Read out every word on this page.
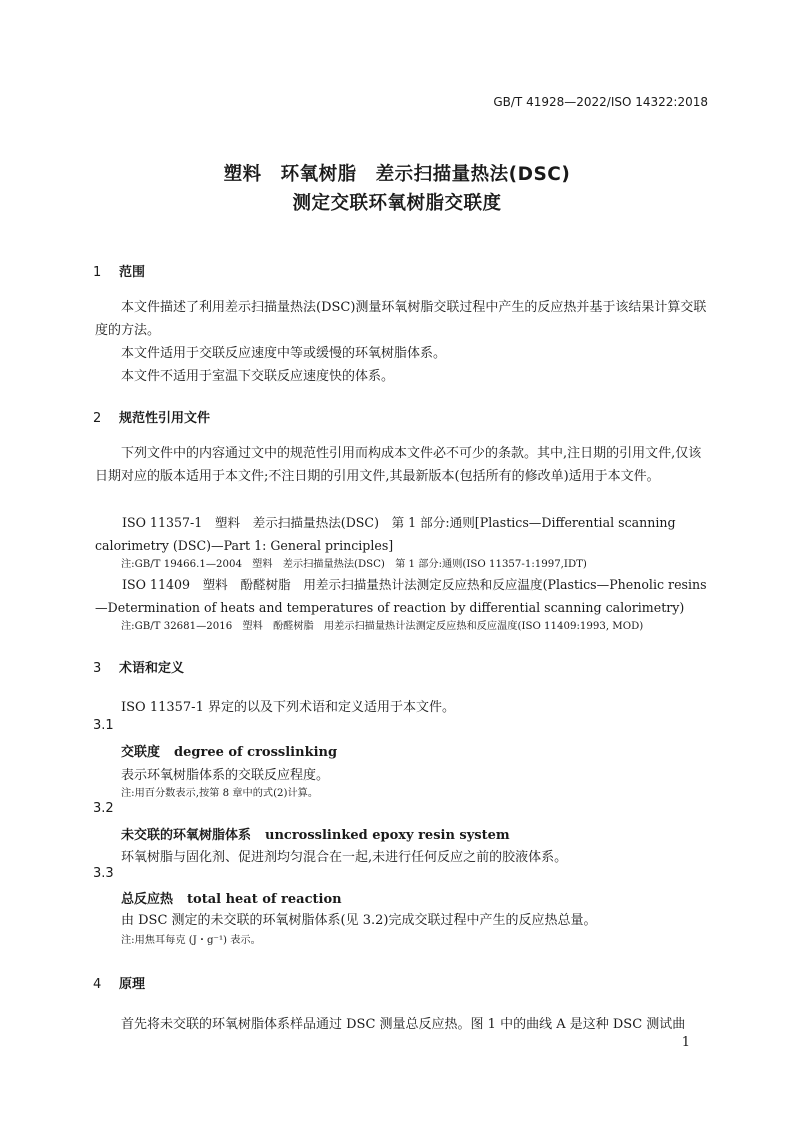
GB/T 41928—2022/ISO 14322:2018
塑料　环氧树脂　差示扫描量热法(DSC)
测定交联环氧树脂交联度
1 范围
本文件描述了利用差示扫描量热法(DSC)测量环氧树脂交联过程中产生的反应热并基于该结果计算交联度的方法。
本文件适用于交联反应速度中等或缓慢的环氧树脂体系。
本文件不适用于室温下交联反应速度快的体系。
2 规范性引用文件
下列文件中的内容通过文中的规范性引用而构成本文件必不可少的条款。其中,注日期的引用文件,仅该日期对应的版本适用于本文件;不注日期的引用文件,其最新版本(包括所有的修改单)适用于本文件。
ISO 11357-1　塑料　差示扫描量热法(DSC)　第 1 部分:通则[Plastics—Differential scanning calorimetry (DSC)—Part 1: General principles]
注:GB/T 19466.1—2004　塑料　差示扫描量热法(DSC)　第 1 部分:通则(ISO 11357-1:1997,IDT)
ISO 11409　塑料　酚醛树脂　用差示扫描量热计法测定反应热和反应温度(Plastics—Phenolic resins—Determination of heats and temperatures of reaction by differential scanning calorimetry)
注:GB/T 32681—2016　塑料　酚醛树脂　用差示扫描量热计法测定反应热和反应温度(ISO 11409:1993, MOD)
3 术语和定义
ISO 11357-1 界定的以及下列术语和定义适用于本文件。
3.1
交联度 degree of crosslinking
表示环氧树脂体系的交联反应程度。
注:用百分数表示,按第 8 章中的式(2)计算。
3.2
未交联的环氧树脂体系 uncrosslinked epoxy resin system
环氧树脂与固化剂、促进剂均匀混合在一起,未进行任何反应之前的胶液体系。
3.3
总反应热 total heat of reaction
由 DSC 测定的未交联的环氧树脂体系(见 3.2)完成交联过程中产生的反应热总量。
注:用焦耳每克 (J・g⁻¹) 表示。
4 原理
首先将未交联的环氧树脂体系样品通过 DSC 测量总反应热。图 1 中的曲线 A 是这种 DSC 测试曲
1
